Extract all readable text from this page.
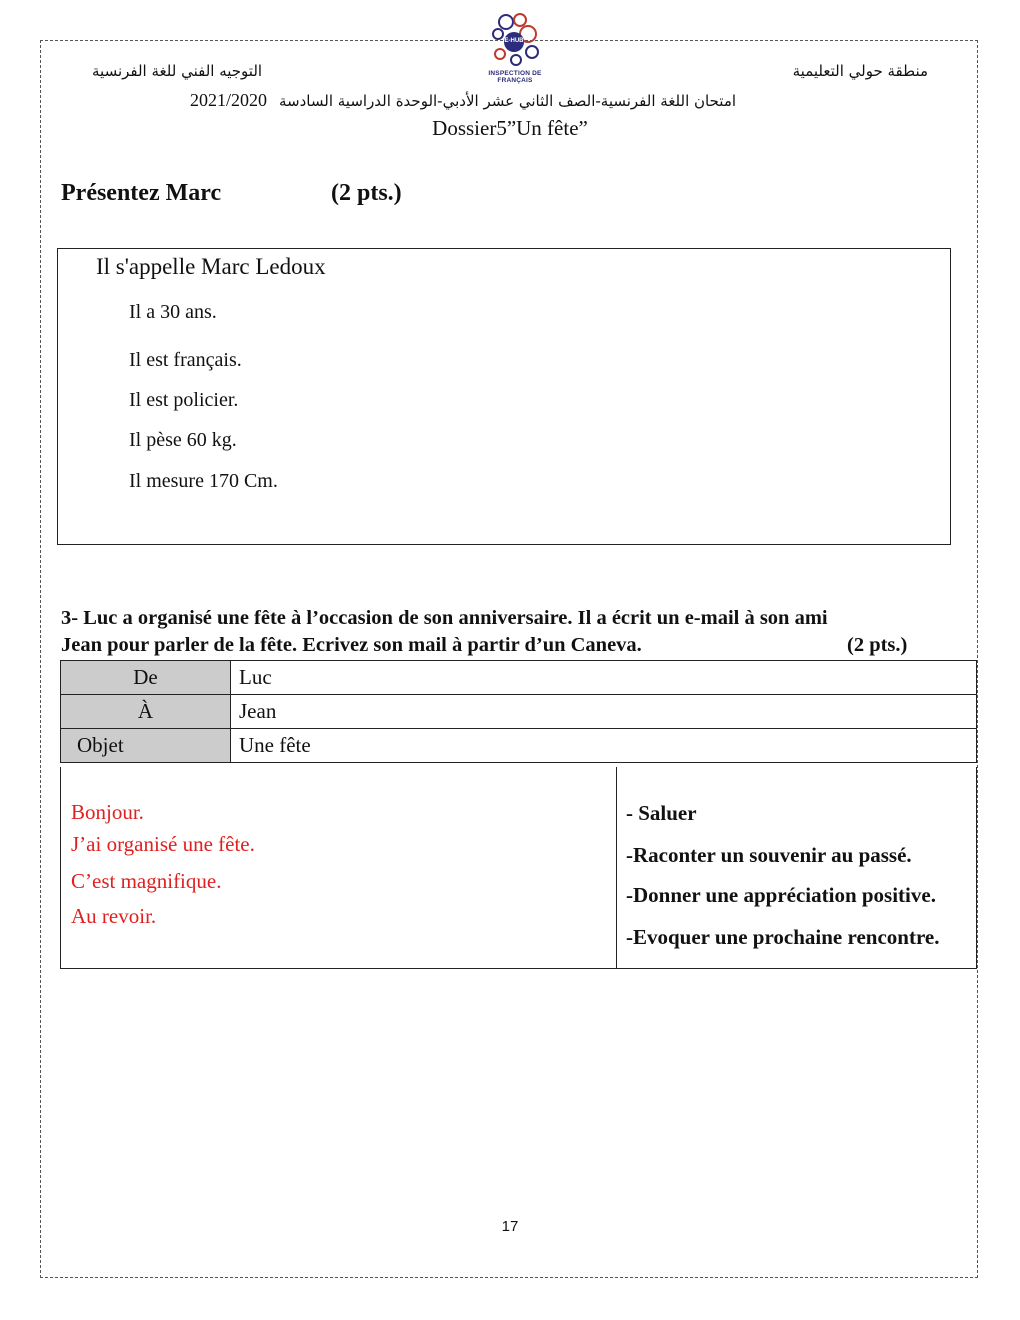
E-HUB
INSPECTION DE FRANÇAIS
التوجيه الفني للغة الفرنسية	منطقة حولي التعليمية
2021/2020 امتحان اللغة الفرنسية-الصف الثاني عشر الأدبي-الوحدة الدراسية السادسة
Dossier5”Un fête”
Présentez Marc	(2 pts.)
Il s'appelle Marc Ledoux
Il a 30 ans.
Il est français.
Il est policier.
Il pèse 60 kg.
Il mesure 170 Cm.
3- Luc a organisé une fête à l’occasion de son anniversaire. Il a écrit un e-mail à son ami
Jean pour parler de la fête. Ecrivez son mail à partir d’un Caneva.	(2 pts.)
De	Luc
À	Jean
Objet	Une fête
Bonjour.
J’ai organisé une fête.
C’est magnifique.
Au revoir.
- Saluer
-Raconter un souvenir au passé.
-Donner une appréciation positive.
-Evoquer une prochaine rencontre.
17
